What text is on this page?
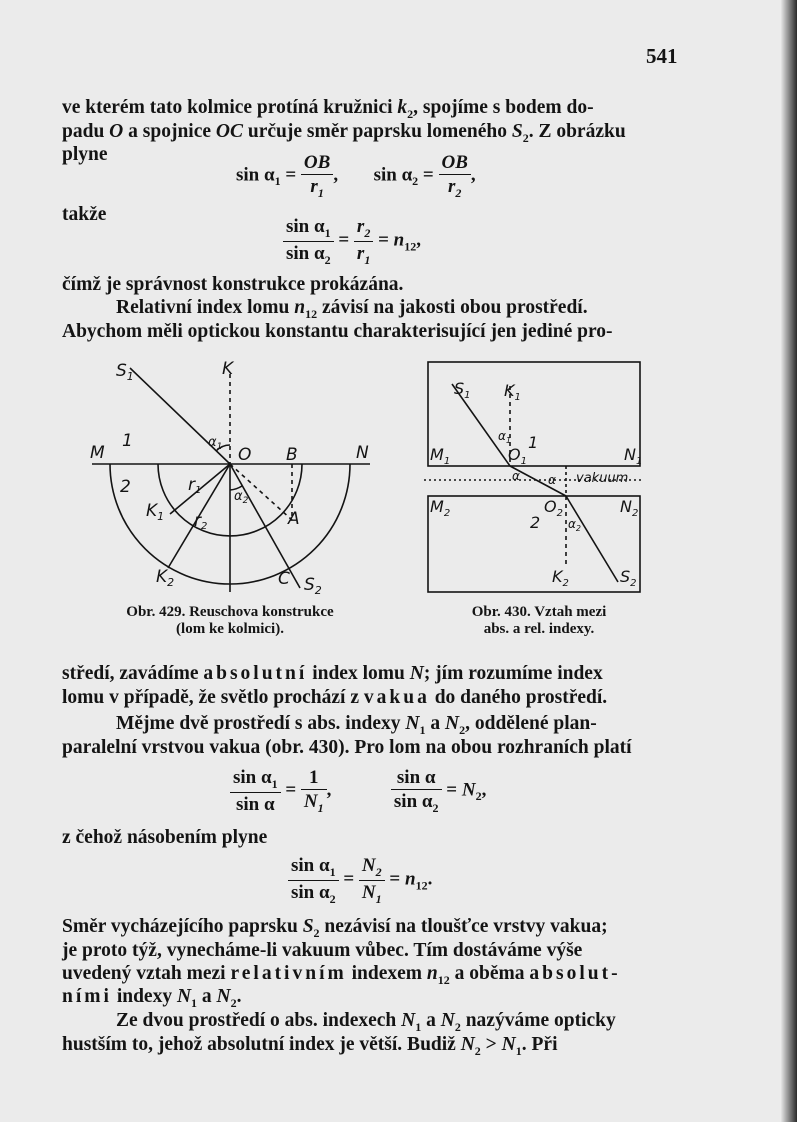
541
ve kterém tato kolmice protíná kružnici $k_2$, spojíme s bodem do-
padu O a spojnice OC určuje směr paprsku lomeného $S_2$. Z obrázku
plyne
$\sin \alpha_1 = \frac{OB}{r_1}$ , $\sin \alpha_2 = \frac{OB}{r_2}$ ,
takže
$\frac{\sin \alpha_1}{\sin \alpha_2} = \frac{r_2}{r_1} = n_{12}$,
čímž je správnost konstrukce prokázána.
Relativní index lomu $n_{12}$ závisí na jakosti obou prostředí.
Abychom měli optickou konstantu charakterisující jen jediné pro-
$S_1$	K
M
1
2
O B	N
r1
r2
$K_1$
$K_2$
A
C $S_2$
$\alpha_1$
$\alpha_2$
Obr. 429. Reuschova konstrukce
(lom ke kolmici).
$S_1$ $K_1$
$M_1$	$O_1$
1
$N_1$
α α vakuum
$M_2$	$O_2$	$N_2$
2
$K_2$	$S_2$
$\alpha_1$
$\alpha_2$
Obr. 430. Vztah mezi
abs. a rel. indexy.
středí, zavádíme absolutní index lomu N; jím rozumíme index
lomu v případě, že světlo prochází z vakua do daného prostředí.
Mějme dvě prostředí s abs. indexy $N_1$ a $N_2$, oddělené plan-
paralelní vrstvou vakua (obr. 430). Pro lom na obou rozhraních platí
$\frac{\sin \alpha_1}{\text{sin α}} = \frac{1}{N_1}$ ,	$\frac{\text{sin α}}{\sin \alpha_2} = N_2$,
z čehož násobením plyne
$\frac{\sin \alpha_1}{\sin \alpha_2} = \frac{N_2}{N_1} = n_{12}$.
Směr vycházejícího paprsku $S_2$ nezávisí na tloušťce vrstvy vakua;
je proto týž, vynecháme-li vakuum vůbec. Tím dostáváme výše
uvedený vztah mezi relativním indexem $n_{12}$ a oběma absolut-
ními indexy $N_1$ a $N_2$.
Ze dvou prostředí o abs. indexech $N_1$ a $N_2$ nazýváme opticky
hustším to, jehož absolutní index je větší. Budiž $N_2 > N_1$. Při
